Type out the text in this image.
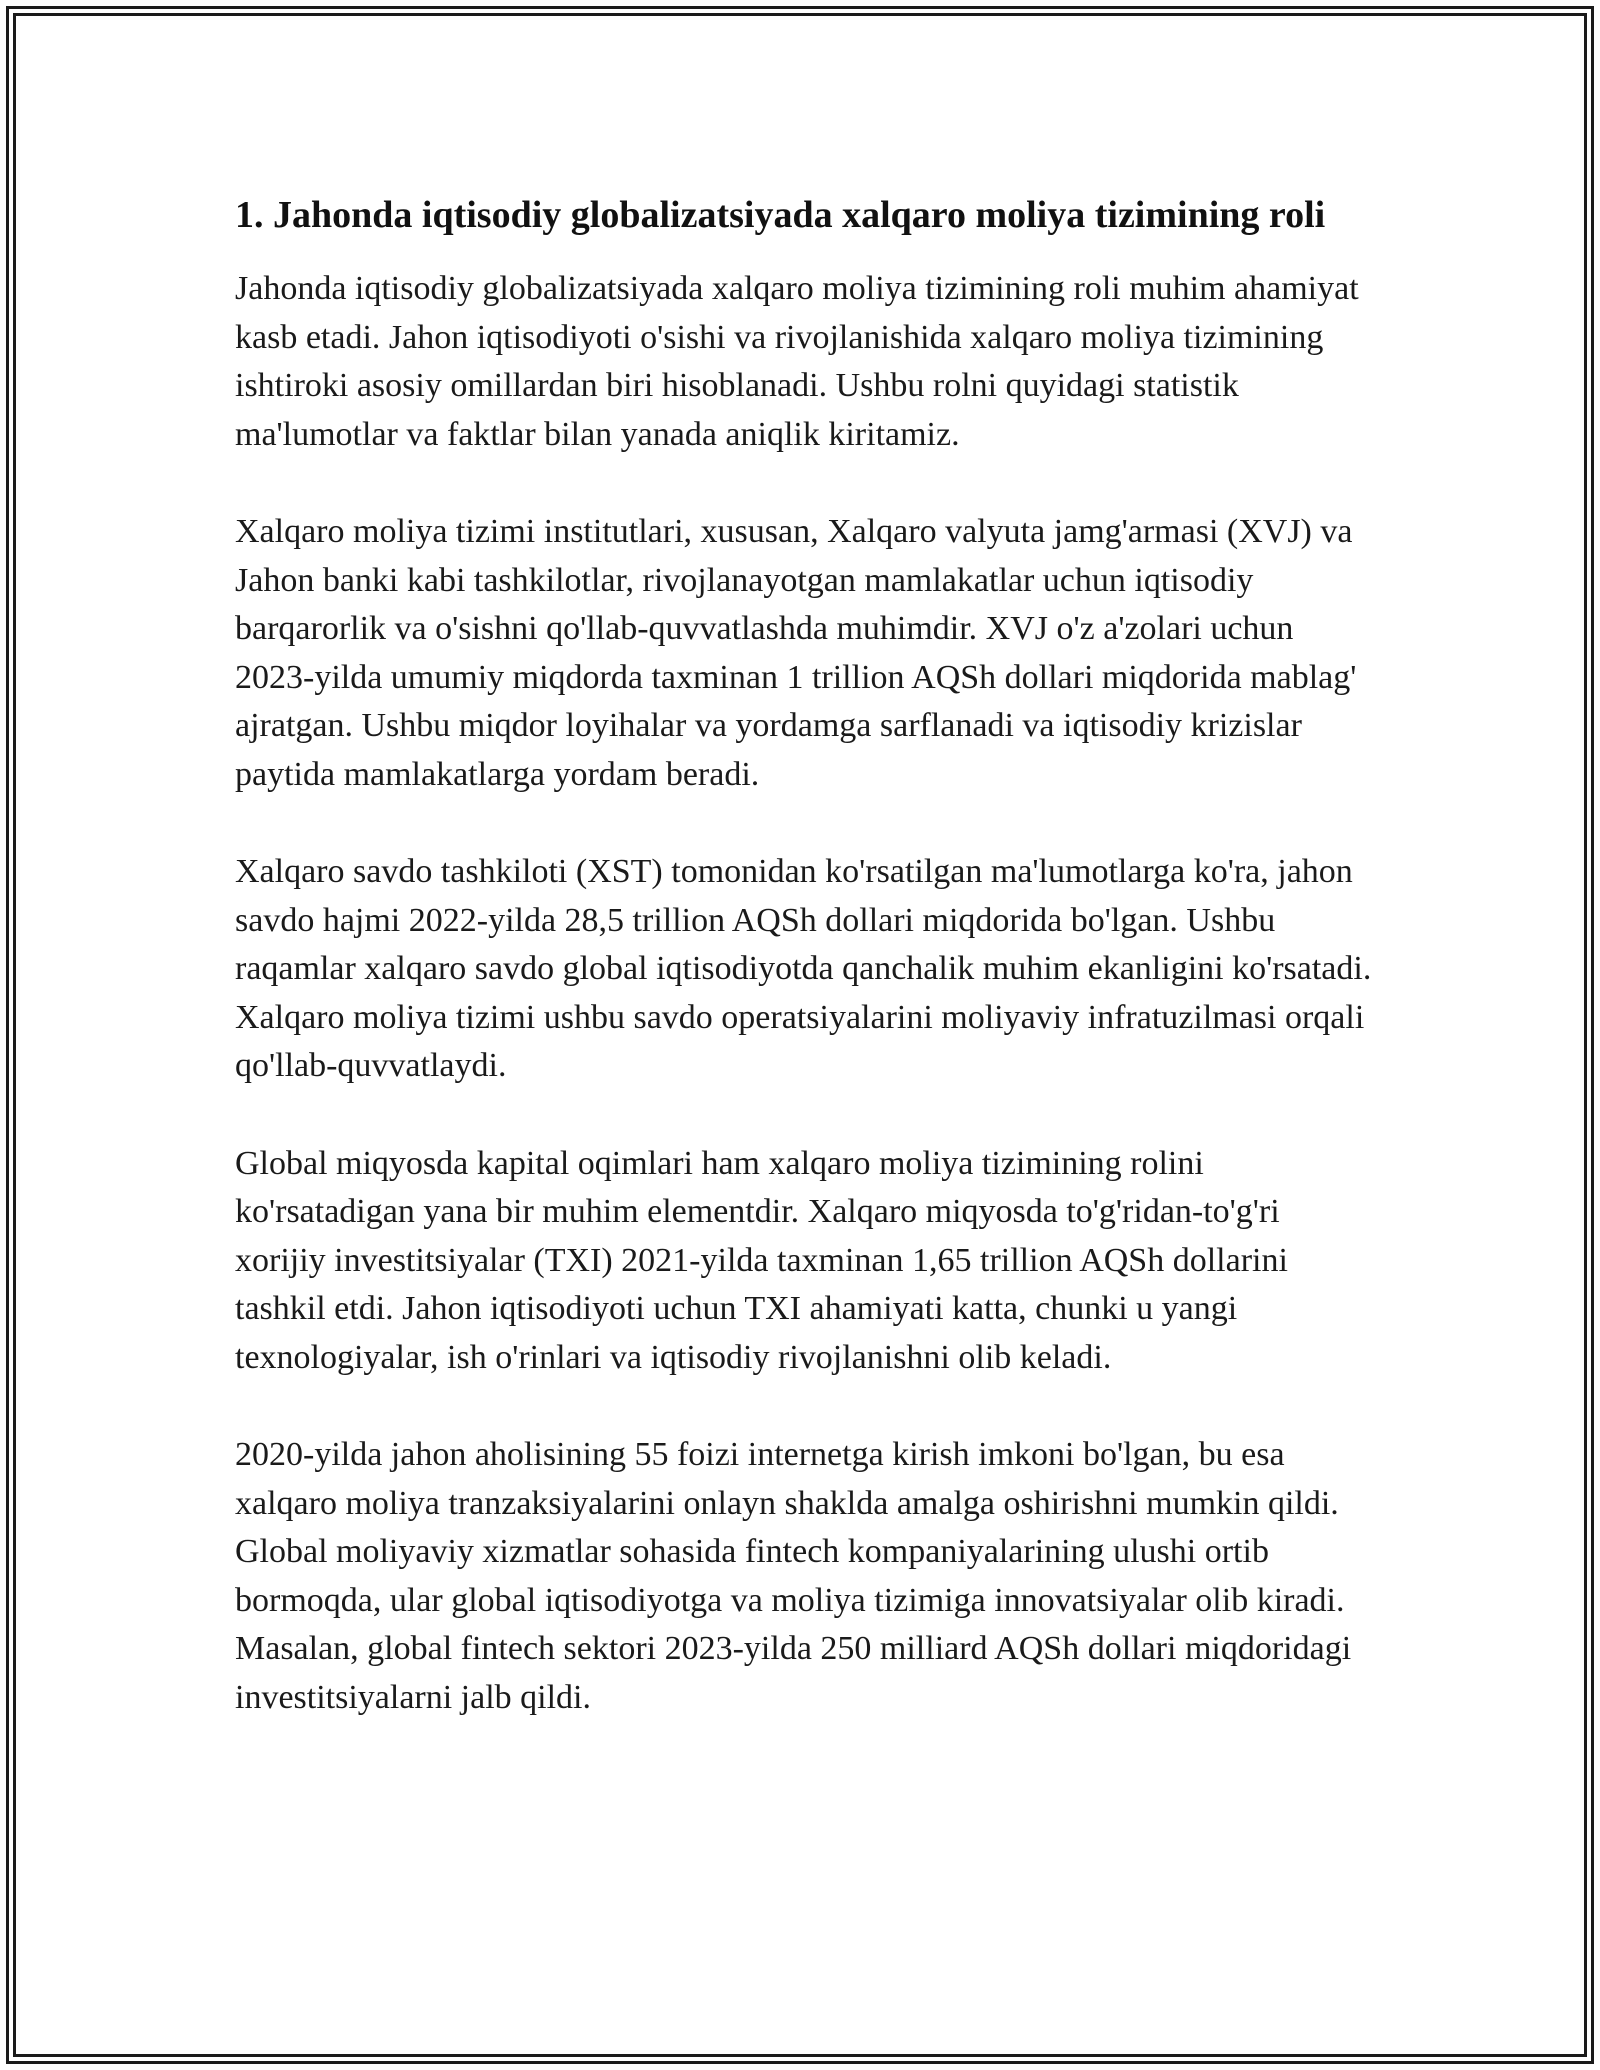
1. Jahonda iqtisodiy globalizatsiyada xalqaro moliya tizimining roli

Jahonda iqtisodiy globalizatsiyada xalqaro moliya tizimining roli muhim ahamiyat kasb etadi. Jahon iqtisodiyoti o'sishi va rivojlanishida xalqaro moliya tizimining ishtiroki asosiy omillardan biri hisoblanadi. Ushbu rolni quyidagi statistik ma'lumotlar va faktlar bilan yanada aniqlik kiritamiz.

Xalqaro moliya tizimi institutlari, xususan, Xalqaro valyuta jamg'armasi (XVJ) va Jahon banki kabi tashkilotlar, rivojlanayotgan mamlakatlar uchun iqtisodiy barqarorlik va o'sishni qo'llab-quvvatlashda muhimdir. XVJ o'z a'zolari uchun 2023-yilda umumiy miqdorda taxminan 1 trillion AQSh dollari miqdorida mablag' ajratgan. Ushbu miqdor loyihalar va yordamga sarflanadi va iqtisodiy krizislar paytida mamlakatlarga yordam beradi.

Xalqaro savdo tashkiloti (XST) tomonidan ko'rsatilgan ma'lumotlarga ko'ra, jahon savdo hajmi 2022-yilda 28,5 trillion AQSh dollari miqdorida bo'lgan. Ushbu raqamlar xalqaro savdo global iqtisodiyotda qanchalik muhim ekanligini ko'rsatadi. Xalqaro moliya tizimi ushbu savdo operatsiyalarini moliyaviy infratuzilmasi orqali qo'llab-quvvatlaydi.

Global miqyosda kapital oqimlari ham xalqaro moliya tizimining rolini ko'rsatadigan yana bir muhim elementdir. Xalqaro miqyosda to'g'ridan-to'g'ri xorijiy investitsiyalar (TXI) 2021-yilda taxminan 1,65 trillion AQSh dollarini tashkil etdi. Jahon iqtisodiyoti uchun TXI ahamiyati katta, chunki u yangi texnologiyalar, ish o'rinlari va iqtisodiy rivojlanishni olib keladi.

2020-yilda jahon aholisining 55 foizi internetga kirish imkoni bo'lgan, bu esa xalqaro moliya tranzaksiyalarini onlayn shaklda amalga oshirishni mumkin qildi. Global moliyaviy xizmatlar sohasida fintech kompaniyalarining ulushi ortib bormoqda, ular global iqtisodiyotga va moliya tizimiga innovatsiyalar olib kiradi. Masalan, global fintech sektori 2023-yilda 250 milliard AQSh dollari miqdoridagi investitsiyalarni jalb qildi.
